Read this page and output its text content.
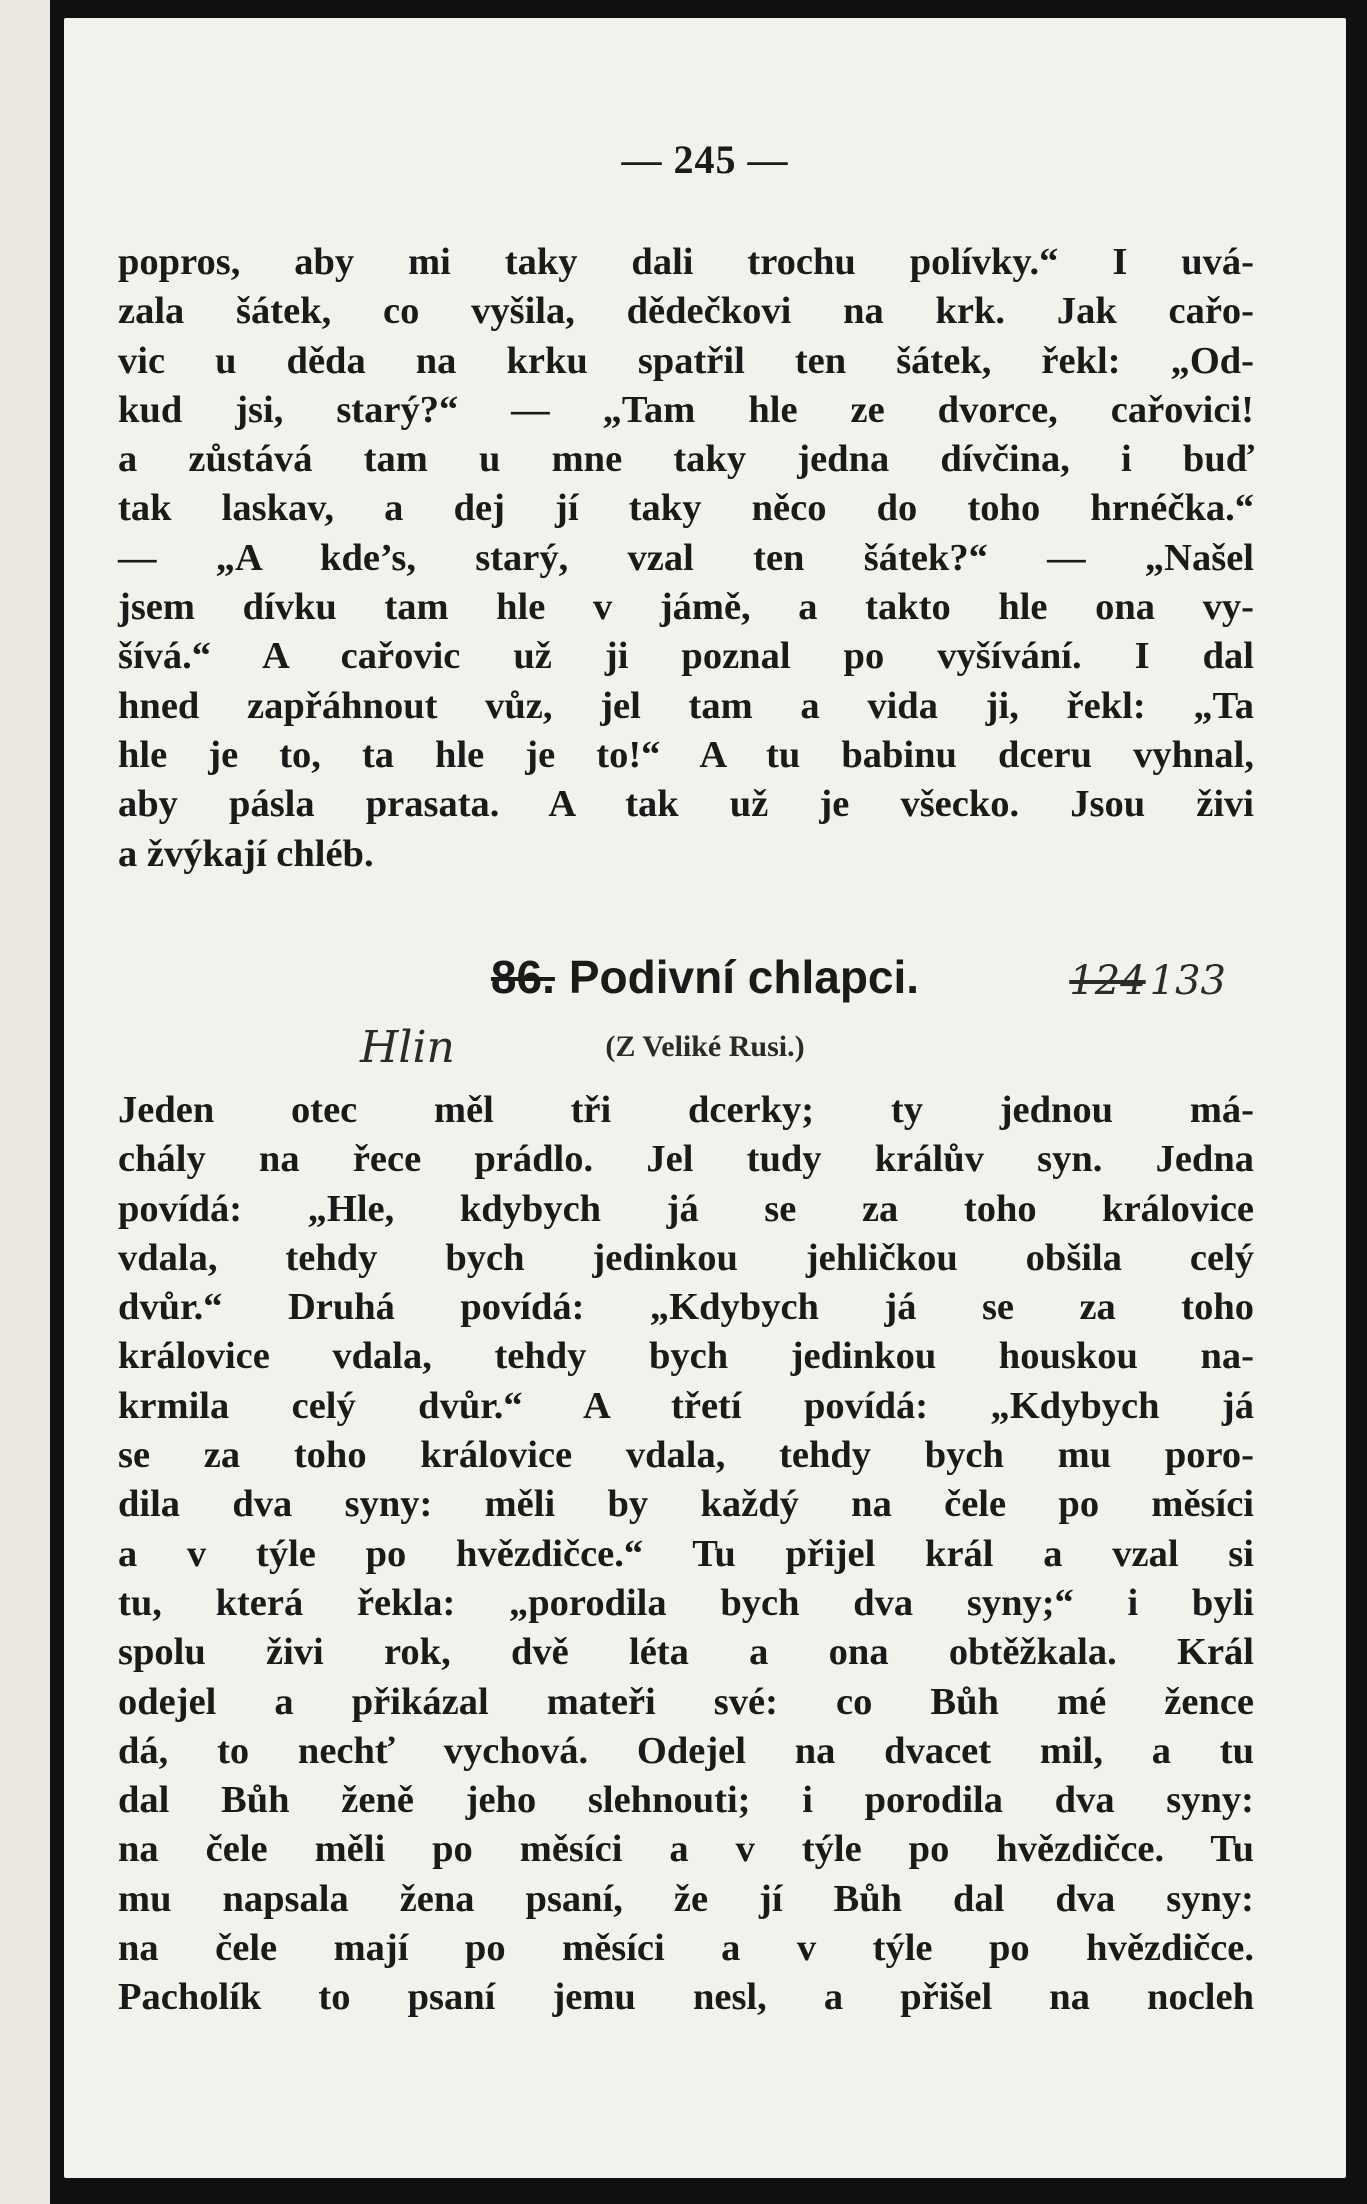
— 245 —
popros, aby mi taky dali trochu polívky.“ I uvá-
zala šátek, co vyšila, dědečkovi na krk. Jak cařo-
vic u děda na krku spatřil ten šátek, řekl: „Od-
kud jsi, starý?“ — „Tam hle ze dvorce, cařovici!
a zůstává tam u mne taky jedna dívčina, i buď
tak laskav, a dej jí taky něco do toho hrnéčka.“
— „A kde’s, starý, vzal ten šátek?“ — „Našel
jsem dívku tam hle v jámě, a takto hle ona vy-
šívá.“ A cařovic už ji poznal po vyšívání. I dal
hned zapřáhnout vůz, jel tam a vida ji, řekl: „Ta
hle je to, ta hle je to!“ A tu babinu dceru vyhnal,
aby pásla prasata. A tak už je všecko. Jsou živi
a žvýkají chléb.
86. Podivní chlapci.	124 133
Hlin	(Z Veliké Rusi.)
Jeden otec měl tři dcerky; ty jednou má-
chály na řece prádlo. Jel tudy králův syn. Jedna
povídá: „Hle, kdybych já se za toho královice
vdala, tehdy bych jedinkou jehličkou obšila celý
dvůr.“ Druhá povídá: „Kdybych já se za toho
královice vdala, tehdy bych jedinkou houskou na-
krmila celý dvůr.“ A třetí povídá: „Kdybych já
se za toho královice vdala, tehdy bych mu poro-
dila dva syny: měli by každý na čele po měsíci
a v týle po hvězdičce.“ Tu přijel král a vzal si
tu, která řekla: „porodila bych dva syny;“ i byli
spolu živi rok, dvě léta a ona obtěžkala. Král
odejel a přikázal mateři své: co Bůh mé žence
dá, to nechť vychová. Odejel na dvacet mil, a tu
dal Bůh ženě jeho slehnouti; i porodila dva syny:
na čele měli po měsíci a v týle po hvězdičce. Tu
mu napsala žena psaní, že jí Bůh dal dva syny:
na čele mají po měsíci a v týle po hvězdičce.
Pacholík to psaní jemu nesl, a přišel na nocleh
